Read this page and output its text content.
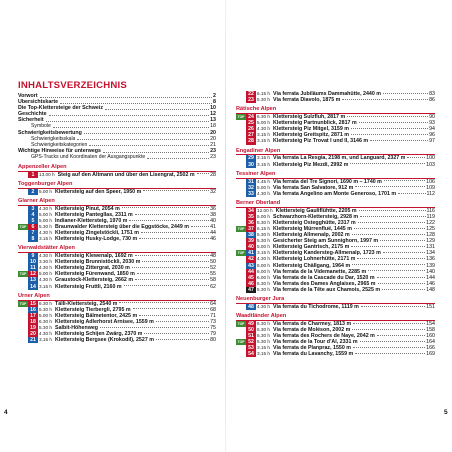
INHALTSVERZEICHNIS
Vorwort	2
Übersichtskarte	8
Die Top-Klettersteige der Schweiz	10
Geschichte	12
Sicherheit	13
Symbole	18
Schwierigkeitsbewertung	20
Schwierigkeitsskala	20
Schwierigkeitskategorien	21
Wichtige Hinweise für unterwegs	23
GPS-Tracks und Koordinaten der Ausgangspunkte	23
Appenzeller Alpen
1 13.00 h Steig auf den Altmann und über den Lisengrat, 2502 m	28
Toggenburger Alpen
2 5.00 h Klettersteig auf den Speer, 1950 m	32
Glarner Alpen
3 4.30 h Klettersteig Pinut, 2054 m	36
4 5.00 h Klettersteig Pantegllas, 2311 m	38
5 5.00 h Indianer-Klettersteig, 1970 m	40
TOP 6 5.30 h Braunwalder Klettersteig über die Eggstöcke, 2449 m	41
7 4.30 h Klettersteig Zingelstöckli, 1751 m	44
8 3.15 h Klettersteig Husky-Lodge, 730 m	46
Vierwaldstätter Alpen
9 4.30 h Klettersteig Klewenalp, 1692 m	48
10 3.30 h Klettersteig Brunnistöckli, 2030 m	50
11 4.30 h Klettersteig Zittergrat, 2030 m	52
TOP 12 5.00 h Klettersteig Fürenwand, 1850 m	55
13 4.30 h Graustock-Klettersteig, 2662 m	58
14 3.15 h Klettersteig Fruttli, 2160 m	62
Urner Alpen
TOP 15 6.30 h Tälli-Klettersteig, 2540 m	64
16 5.30 h Klettersteig Tierbergli, 2795 m	68
17 5.00 h Klettersteig Bälmetentor, 2425 m	71
18 6.30 h Klettersteig Adlerhorst Arnisee, 1559 m	73
19 5.30 h Salbit-Höhenweg	75
20 4.30 h Klettersteig Schijen Zwärg, 2370 m	79
21 3.15 h Klettersteig Bergsee (Krokodil), 2527 m	80
4
22 6.15 h Via ferrata Jubiläums Dammahütte, 2440 m	83
23 5.30 h Via ferrata Diavolo, 1875 m	86
Rätische Alpen
TOP 24 6.30 h Klettersteig Sulzfluh, 2817 m	90
25 5.00 h Klettersteig Partnunblick, 2817 m	93
26 4.30 h Klettersteig Piz Mitgel, 3159 m	94
27 3.15 h Klettersteig Greitspitz, 2871 m	96
28 3.15 h Klettersteig Piz Trovat I und II, 3146 m	97
Engadiner Alpen
29 3.15 h Via ferrata La Resgia, 2198 m, und Languard, 2327 m	100
30 3.15 h Klettersteig Piz Mezdi, 2992 m	103
Tessiner Alpen
31 4.45 h Via ferrata del Tre Signori, 1690 m – 1740 m	106
32 5.00 h Via ferrata San Salvatore, 912 m	109
33 4.30 h Via ferrata Angelino am Monte Generoso, 1701 m	112
Berner Oberland
34 12.00 h Klettersteig Gauliflühtte, 2205 m	116
35 5.00 h Schwarzhorn-Klettersteig, 2928 m	119
36 5.30 h Klettersteig Ostegghütte, 2317 m	122
TOP 37 6.15 h Klettersteig Mürrenfluë, 1445 m	125
38 5.30 h Klettersteig Allmenalp, 2002 m	128
39 5.30 h Gesicherter Steig am Sunnighorn, 1997 m	129
40 5.00 h Klettersteig Gantrisch, 2175 m	131
TOP 41 3.15 h Klettersteig Kandersteg-Allmenalp, 1723 m	134
42 4.30 h Klettersteig Lohnerhütte, 2171 m	136
43 5.00 h Klettersteig Chällgang, 1964 m	139
44 6.00 h Via ferrata de la Videmanette, 2285 m	140
45 6.00 h Via ferrata de la Cascade du Dar, 1520 m	144
46 6.30 h Via ferrata des Dames Anglaises, 2965 m	146
47 5.30 h Via ferrata de la Tête aux Chamois, 2525 m	148
Neuenburger Jura
48 4.30 h Via ferrata du Tichodrome, 1119 m	151
Waadtländer Alpen
TOP 49 6.30 h Via ferrata de Charmey, 1813 m	154
50 6.30 h Via ferrata de Moléson, 2002 m	158
51 5.30 h Via ferrata des Rochers de Naye, 2042 m	160
TOP 52 5.30 h Via ferrata de la Tour d’Aï, 2331 m	164
53 3.15 h Via ferrata de Planpraz, 1550 m	166
54 3.15 h Via ferrata du Lavanchy, 1559 m	169
5
